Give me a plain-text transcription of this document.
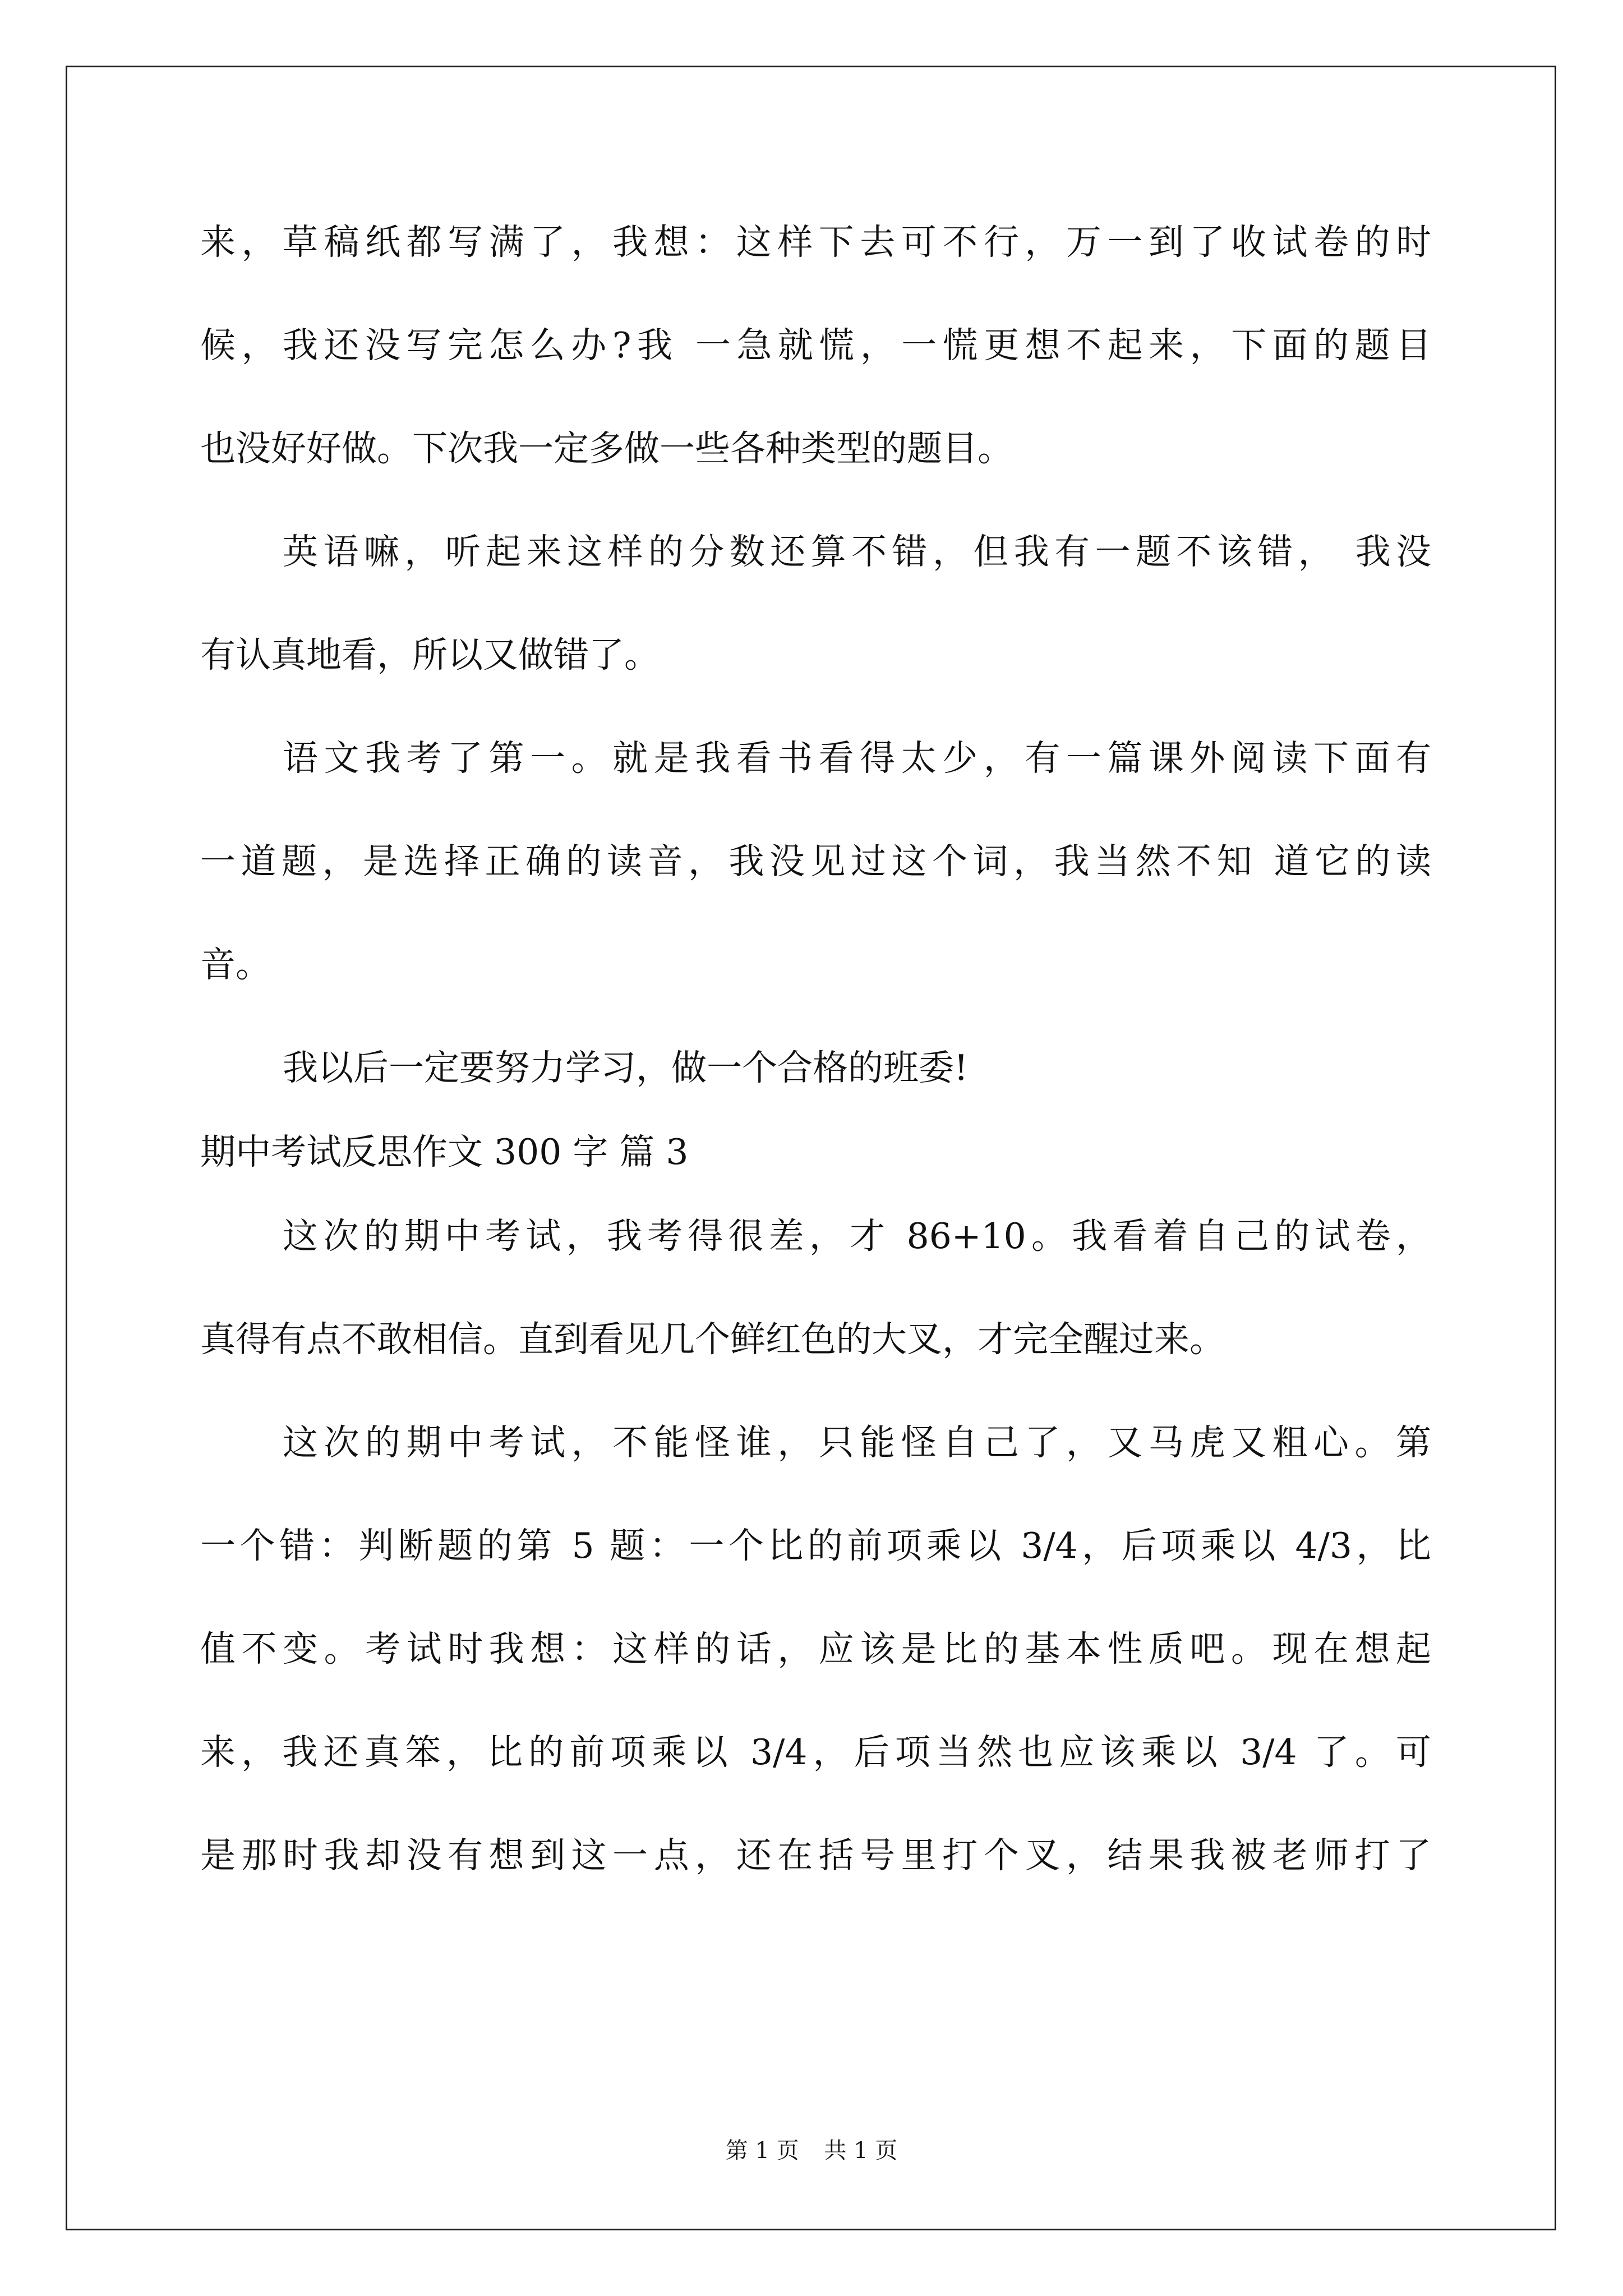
来，草稿纸都写满了，我想：这样下去可不行，万一到了收试卷的时
候，我还没写完怎么办?我 一急就慌，一慌更想不起来，下面的题目
也没好好做。下次我一定多做一些各种类型的题目。
英语嘛，听起来这样的分数还算不错，但我有一题不该错， 我没
有认真地看，所以又做错了。
语文我考了第一。就是我看书看得太少，有一篇课外阅读下面有
一道题，是选择正确的读音，我没见过这个词，我当然不知 道它的读
音。
我以后一定要努力学习，做一个合格的班委!
期中考试反思作文 300 字 篇 3
这次的期中考试，我考得很差，才 86+10。我看着自己的试卷，
真得有点不敢相信。直到看见几个鲜红色的大叉，才完全醒过来。
这次的期中考试，不能怪谁，只能怪自己了，又马虎又粗心。第
一个错：判断题的第 5 题：一个比的前项乘以 3/4，后项乘以 4/3，比
值不变。考试时我想：这样的话，应该是比的基本性质吧。现在想起
来，我还真笨，比的前项乘以 3/4，后项当然也应该乘以 3/4 了。可
是那时我却没有想到这一点，还在括号里打个叉，结果我被老师打了
第 1 页 共 1 页
